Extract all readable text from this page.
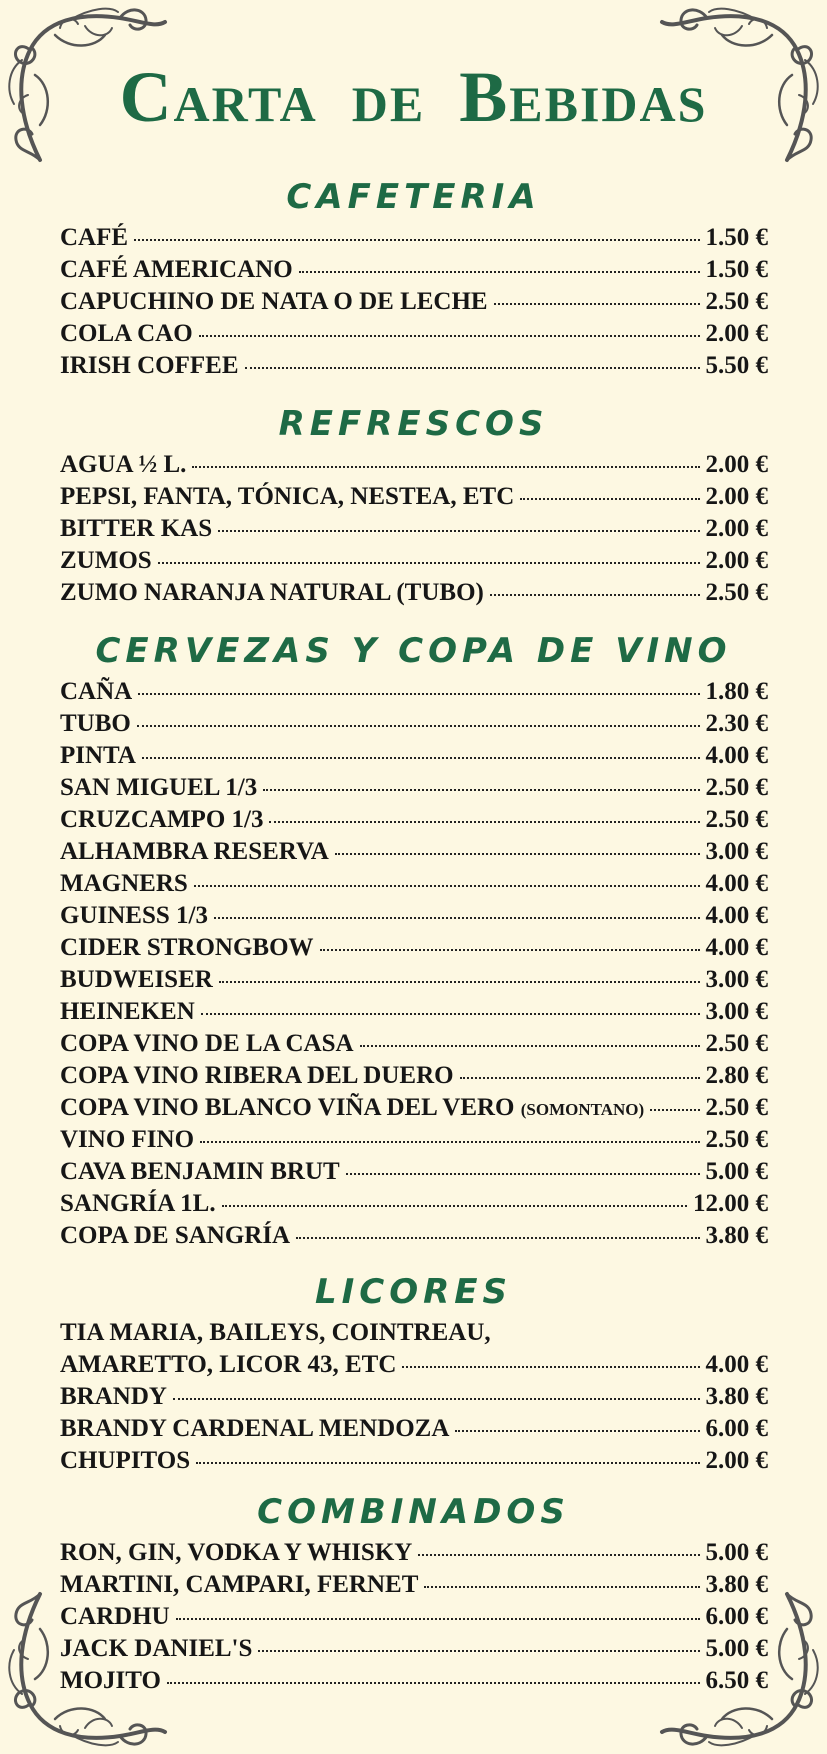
Carta de Bebidas
CAFETERIA
CAFÉ	1.50 €
CAFÉ AMERICANO	1.50 €
CAPUCHINO DE NATA O DE LECHE	2.50 €
COLA CAO	2.00 €
IRISH COFFEE	5.50 €
REFRESCOS
AGUA ½ L.	2.00 €
PEPSI, FANTA, TÓNICA, NESTEA, ETC	2.00 €
BITTER KAS	2.00 €
ZUMOS	2.00 €
ZUMO NARANJA NATURAL (TUBO)	2.50 €
CERVEZAS Y COPA DE VINO
CAÑA	1.80 €
TUBO	2.30 €
PINTA	4.00 €
SAN MIGUEL 1/3	2.50 €
CRUZCAMPO 1/3	2.50 €
ALHAMBRA RESERVA	3.00 €
MAGNERS	4.00 €
GUINESS 1/3	4.00 €
CIDER STRONGBOW	4.00 €
BUDWEISER	3.00 €
HEINEKEN	3.00 €
COPA VINO DE LA CASA	2.50 €
COPA VINO RIBERA DEL DUERO	2.80 €
COPA VINO BLANCO VIÑA DEL VERO (SOMONTANO) 2.50 €
VINO FINO	2.50 €
CAVA BENJAMIN BRUT	5.00 €
SANGRÍA 1L.	12.00 €
COPA DE SANGRÍA	3.80 €
LICORES
TIA MARIA, BAILEYS, COINTREAU,
AMARETTO, LICOR 43, ETC	4.00 €
BRANDY	3.80 €
BRANDY CARDENAL MENDOZA	6.00 €
CHUPITOS	2.00 €
COMBINADOS
RON, GIN, VODKA Y WHISKY	5.00 €
MARTINI, CAMPARI, FERNET	3.80 €
CARDHU	6.00 €
JACK DANIEL'S	5.00 €
MOJITO	6.50 €
